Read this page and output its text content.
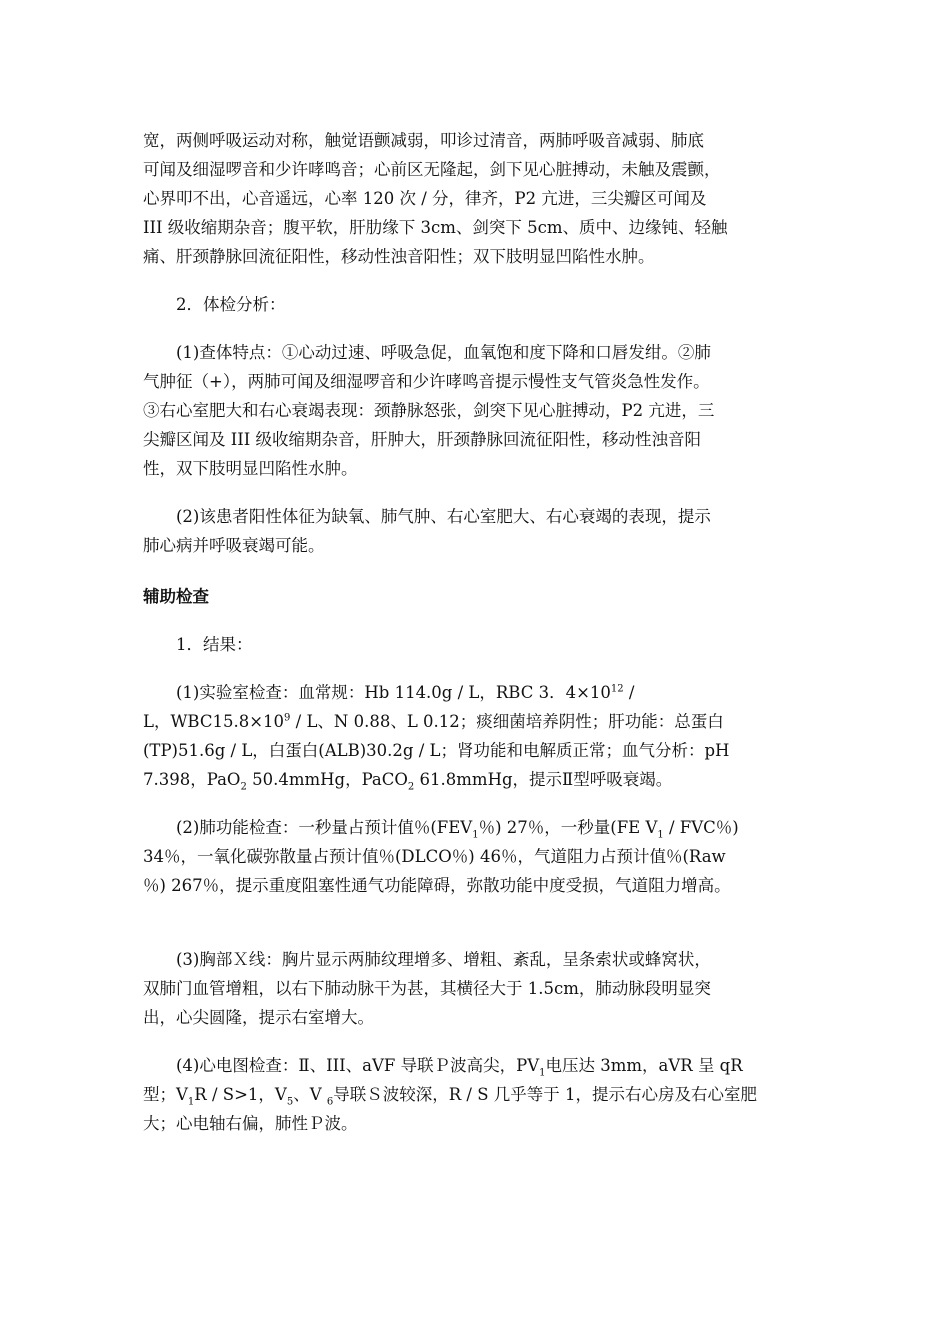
宽，两侧呼吸运动对称，触觉语颤减弱，叩诊过清音，两肺呼吸音减弱、肺底
可闻及细湿啰音和少许哮鸣音；心前区无隆起，剑下见心脏搏动，未触及震颤，
心界叩不出，心音遥远，心率 120 次 / 分，律齐，P2 亢进，三尖瓣区可闻及
III 级收缩期杂音；腹平软，肝肋缘下 3cm、剑突下 5cm、质中、边缘钝、轻触
痛、肝颈静脉回流征阳性，移动性浊音阳性；双下肢明显凹陷性水肿。

2．体检分析：

(1)查体特点：①心动过速、呼吸急促，血氧饱和度下降和口唇发绀。②肺
气肿征（+），两肺可闻及细湿啰音和少许哮鸣音提示慢性支气管炎急性发作。
③右心室肥大和右心衰竭表现：颈静脉怒张，剑突下见心脏搏动，P2 亢进，三
尖瓣区闻及 III 级收缩期杂音，肝肿大，肝颈静脉回流征阳性，移动性浊音阳
性，双下肢明显凹陷性水肿。

(2)该患者阳性体征为缺氧、肺气肿、右心室肥大、右心衰竭的表现，提示
肺心病并呼吸衰竭可能。

辅助检查

1．结果：

(1)实验室检查：血常规：Hb 114.0g / L，RBC 3．$4\times 10^{12}$ /
L，$WBC15.8\times 10^9 / L$、N 0.88、L 0.12；痰细菌培养阴性；肝功能：总蛋白
(TP)51.6g / L，白蛋白(ALB)30.2g / L；肾功能和电解质正常；血气分析：pH
7.398，PaO$_2$ 50.4mmHg，PaCO$_2$ 61.8mmHg，提示Ⅱ型呼吸衰竭。

(2)肺功能检查：一秒量占预计值％($FEV_1$％) 27％，一秒量(FE $V_1$ / FVC％)
34％，一氧化碳弥散量占预计值％(DLCO％) 46％，气道阻力占预计值％(Raw
％) 267％，提示重度阻塞性通气功能障碍，弥散功能中度受损，气道阻力增高。

(3)胸部Ｘ线：胸片显示两肺纹理增多、增粗、紊乱，呈条索状或蜂窝状，
双肺门血管增粗，以右下肺动脉干为甚，其横径大于 1.5cm，肺动脉段明显突
出，心尖圆隆，提示右室增大。

(4)心电图检查：Ⅱ、III、aVF 导联Ｐ波高尖，$PV_1$电压达 3mm，aVR 呈 qR
型；$V_1R / S>1$，$V_5$、V $_6$导联Ｓ波较深，R / S 几乎等于 1，提示右心房及右心室肥
大；心电轴右偏，肺性Ｐ波。
